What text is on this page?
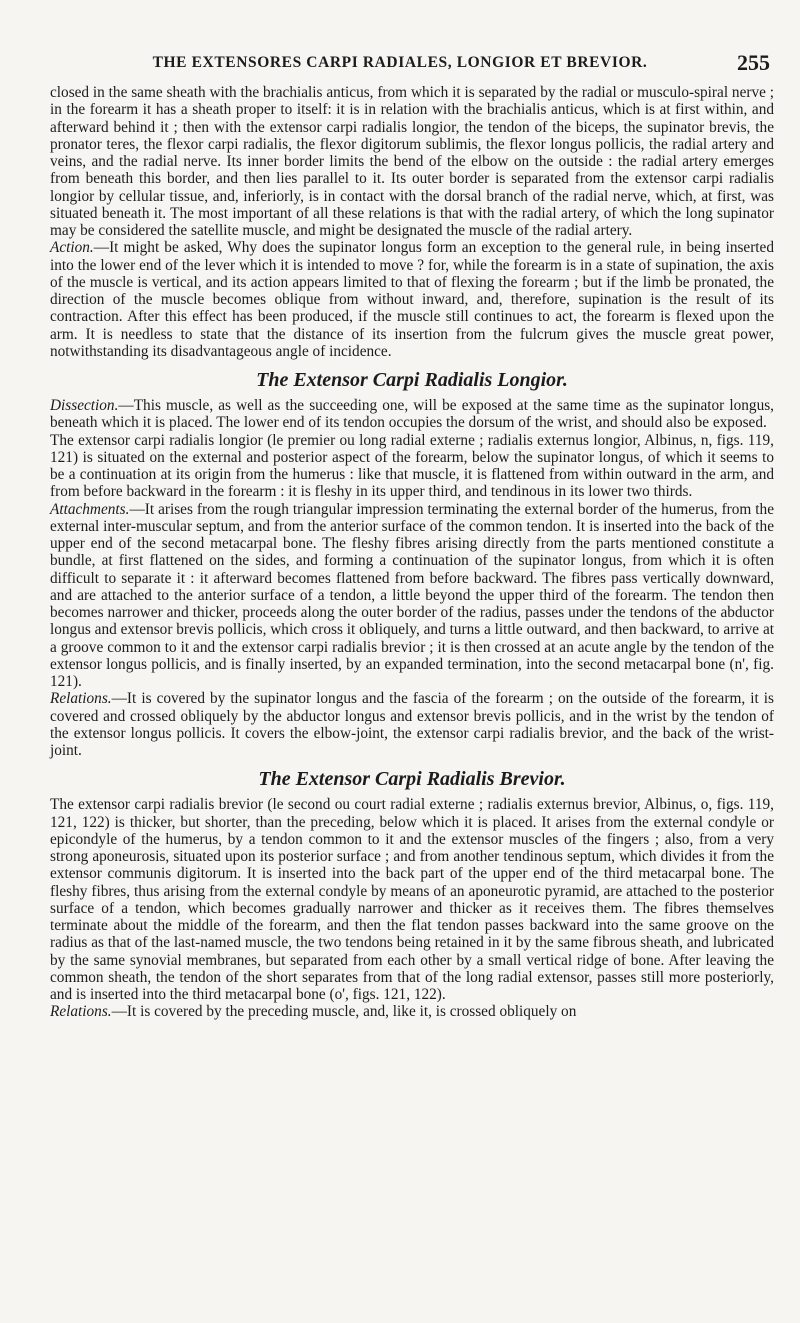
THE EXTENSORES CARPI RADIALES, LONGIOR ET BREVIOR.	255

closed in the same sheath with the brachialis anticus, from which it is separated by the radial or musculo-spiral nerve ; in the forearm it has a sheath proper to itself: it is in relation with the brachialis anticus, which is at first within, and afterward behind it ; then with the extensor carpi radialis longior, the tendon of the biceps, the supinator brevis, the pronator teres, the flexor carpi radialis, the flexor digitorum sublimis, the flexor longus pollicis, the radial artery and veins, and the radial nerve. Its inner border limits the bend of the elbow on the outside : the radial artery emerges from beneath this border, and then lies parallel to it. Its outer border is separated from the extensor carpi radialis longior by cellular tissue, and, inferiorly, is in contact with the dorsal branch of the radial nerve, which, at first, was situated beneath it. The most important of all these relations is that with the radial artery, of which the long supinator may be considered the satellite muscle, and might be designated the muscle of the radial artery.

Action.—It might be asked, Why does the supinator longus form an exception to the general rule, in being inserted into the lower end of the lever which it is intended to move ? for, while the forearm is in a state of supination, the axis of the muscle is vertical, and its action appears limited to that of flexing the forearm ; but if the limb be pronated, the direction of the muscle becomes oblique from without inward, and, therefore, supination is the result of its contraction. After this effect has been produced, if the muscle still continues to act, the forearm is flexed upon the arm. It is needless to state that the distance of its insertion from the fulcrum gives the muscle great power, notwithstanding its disadvantageous angle of incidence.

The Extensor Carpi Radialis Longior.

Dissection.—This muscle, as well as the succeeding one, will be exposed at the same time as the supinator longus, beneath which it is placed. The lower end of its tendon occupies the dorsum of the wrist, and should also be exposed.

The extensor carpi radialis longior (le premier ou long radial externe ; radialis externus longior, Albinus, n, figs. 119, 121) is situated on the external and posterior aspect of the forearm, below the supinator longus, of which it seems to be a continuation at its origin from the humerus : like that muscle, it is flattened from within outward in the arm, and from before backward in the forearm : it is fleshy in its upper third, and tendinous in its lower two thirds.

Attachments.—It arises from the rough triangular impression terminating the external border of the humerus, from the external inter-muscular septum, and from the anterior surface of the common tendon. It is inserted into the back of the upper end of the second metacarpal bone. The fleshy fibres arising directly from the parts mentioned constitute a bundle, at first flattened on the sides, and forming a continuation of the supinator longus, from which it is often difficult to separate it : it afterward becomes flattened from before backward. The fibres pass vertically downward, and are attached to the anterior surface of a tendon, a little beyond the upper third of the forearm. The tendon then becomes narrower and thicker, proceeds along the outer border of the radius, passes under the tendons of the abductor longus and extensor brevis pollicis, which cross it obliquely, and turns a little outward, and then backward, to arrive at a groove common to it and the extensor carpi radialis brevior ; it is then crossed at an acute angle by the tendon of the extensor longus pollicis, and is finally inserted, by an expanded termination, into the second metacarpal bone (n', fig. 121).

Relations.—It is covered by the supinator longus and the fascia of the forearm ; on the outside of the forearm, it is covered and crossed obliquely by the abductor longus and extensor brevis pollicis, and in the wrist by the tendon of the extensor longus pollicis. It covers the elbow-joint, the extensor carpi radialis brevior, and the back of the wrist-joint.

The Extensor Carpi Radialis Brevior.

The extensor carpi radialis brevior (le second ou court radial externe ; radialis externus brevior, Albinus, o, figs. 119, 121, 122) is thicker, but shorter, than the preceding, below which it is placed. It arises from the external condyle or epicondyle of the humerus, by a tendon common to it and the extensor muscles of the fingers ; also, from a very strong aponeurosis, situated upon its posterior surface ; and from another tendinous septum, which divides it from the extensor communis digitorum. It is inserted into the back part of the upper end of the third metacarpal bone. The fleshy fibres, thus arising from the external condyle by means of an aponeurotic pyramid, are attached to the posterior surface of a tendon, which becomes gradually narrower and thicker as it receives them. The fibres themselves terminate about the middle of the forearm, and then the flat tendon passes backward into the same groove on the radius as that of the last-named muscle, the two tendons being retained in it by the same fibrous sheath, and lubricated by the same synovial membranes, but separated from each other by a small vertical ridge of bone. After leaving the common sheath, the tendon of the short separates from that of the long radial extensor, passes still more posteriorly, and is inserted into the third metacarpal bone (o', figs. 121, 122).

Relations.—It is covered by the preceding muscle, and, like it, is crossed obliquely on
